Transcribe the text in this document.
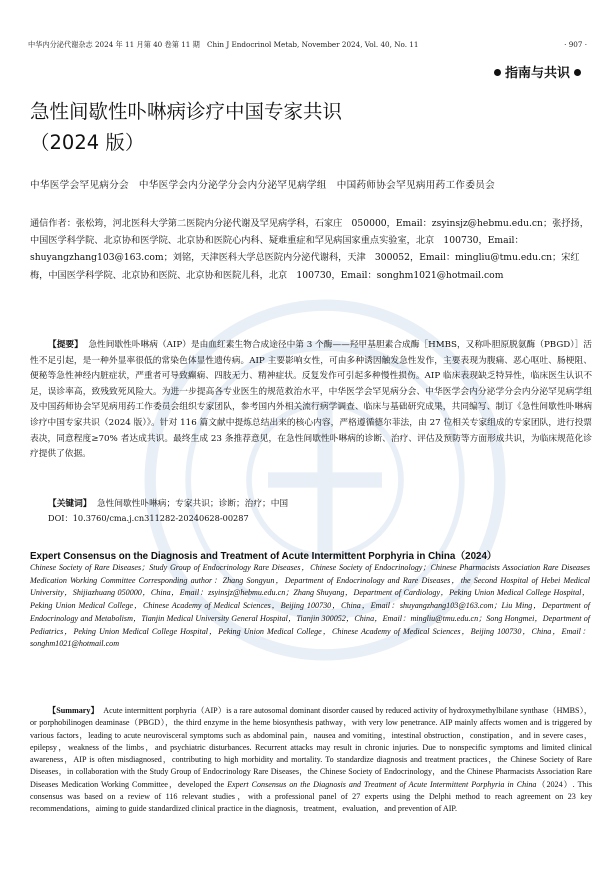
中华内分泌代谢杂志 2024 年 11 月第 40 卷第 11 期　Chin J Endocrinol Metab, November 2024, Vol. 40, No. 11	· 907 ·
指南与共识
急性间歇性卟啉病诊疗中国专家共识
（2024 版）
中华医学会罕见病分会　中华医学会内分泌学分会内分泌罕见病学组　中国药师协会罕见病用药工作委员会
通信作者：张松筠，河北医科大学第二医院内分泌代谢及罕见病学科，石家庄　050000，Email：zsyinsjz@hebmu.edu.cn；张抒扬，中国医学科学院、北京协和医学院、北京协和医院心内科、疑难重症和罕见病国家重点实验室，北京　100730，Email：shuyangzhang103@163.com；刘铭，天津医科大学总医院内分泌代谢科，天津　300052，Email：mingliu@tmu.edu.cn；宋红梅，中国医学科学院、北京协和医院、北京协和医院儿科，北京　100730，Email：songhm1021@hotmail.com

【提要】 急性间歇性卟啉病（AIP）是由血红素生物合成途径中第 3 个酶——羟甲基胆素合成酶［HMBS，又称卟胆原脱氨酶（PBGD）］活性不足引起，是一种外显率很低的常染色体显性遗传病。AIP 主要影响女性，可由多种诱因触发急性发作，主要表现为腹痛、恶心呕吐、肠梗阻、便秘等急性神经内脏症状，严重者可导致癫痫、四肢无力、精神症状。反复发作可引起多种慢性损伤。AIP 临床表现缺乏特异性，临床医生认识不足，误诊率高，致残致死风险大。为进一步提高各专业医生的规范救治水平，中华医学会罕见病分会、中华医学会内分泌学分会内分泌罕见病学组及中国药师协会罕见病用药工作委员会组织专家团队，参考国内外相关流行病学调查、临床与基础研究成果，共同编写、制订《急性间歇性卟啉病诊疗中国专家共识（2024 版）》。针对 116 篇文献中提炼总结出来的核心内容，严格遵循德尔菲法，由 27 位相关专家组成的专家团队，进行投票表决，同意程度≥70% 者达成共识。最终生成 23 条推荐意见，在急性间歇性卟啉病的诊断、治疗、评估及预防等方面形成共识，为临床规范化诊疗提供了依据。

【关键词】 急性间歇性卟啉病；专家共识；诊断；治疗；中国
DOI：10.3760/cma.j.cn311282-20240628-00287
Expert Consensus on the Diagnosis and Treatment of Acute Intermittent Porphyria in China（2024）
Chinese Society of Rare Diseases；Study Group of Endocrinology Rare Diseases，Chinese Society of Endocrinology；Chinese Pharmacists Association Rare Diseases Medication Working Committee Corresponding author：Zhang Songyun，Department of Endocrinology and Rare Diseases，the Second Hospital of Hebei Medical University，Shijiazhuang 050000，China，Email：zsyinsjz@hebmu.edu.cn；Zhang Shuyang，Department of Cardiology，Peking Union Medical College Hospital，Peking Union Medical College，Chinese Academy of Medical Sciences，Beijing 100730，China，Email：shuyangzhang103@163.com；Liu Ming，Department of Endocrinology and Metabolism，Tianjin Medical University General Hospital，Tianjin 300052，China，Email：mingliu@tmu.edu.cn；Song Hongmei，Department of Pediatrics，Peking Union Medical College Hospital，Peking Union Medical College，Chinese Academy of Medical Sciences，Beijing 100730，China，Email：songhm1021@hotmail.com

【Summary】 Acute intermittent porphyria（AIP）is a rare autosomal dominant disorder caused by reduced activity of hydroxymethylbilane synthase（HMBS），or porphobilinogen deaminase（PBGD），the third enzyme in the heme biosynthesis pathway，with very low penetrance. AIP mainly affects women and is triggered by various factors，leading to acute neurovisceral symptoms such as abdominal pain，nausea and vomiting，intestinal obstruction，constipation，and in severe cases，epilepsy，weakness of the limbs，and psychiatric disturbances. Recurrent attacks may result in chronic injuries. Due to nonspecific symptoms and limited clinical awareness，AIP is often misdiagnosed，contributing to high morbidity and mortality. To standardize diagnosis and treatment practices，the Chinese Society of Rare Diseases，in collaboration with the Study Group of Endocrinology Rare Diseases，the Chinese Society of Endocrinology，and the Chinese Pharmacists Association Rare Diseases Medication Working Committee，developed the Expert Consensus on the Diagnosis and Treatment of Acute Intermittent Porphyria in China（2024）. This consensus was based on a review of 116 relevant studies，with a professional panel of 27 experts using the Delphi method to reach agreement on 23 key recommendations，aiming to guide standardized clinical practice in the diagnosis，treatment，evaluation，and prevention of AIP.
